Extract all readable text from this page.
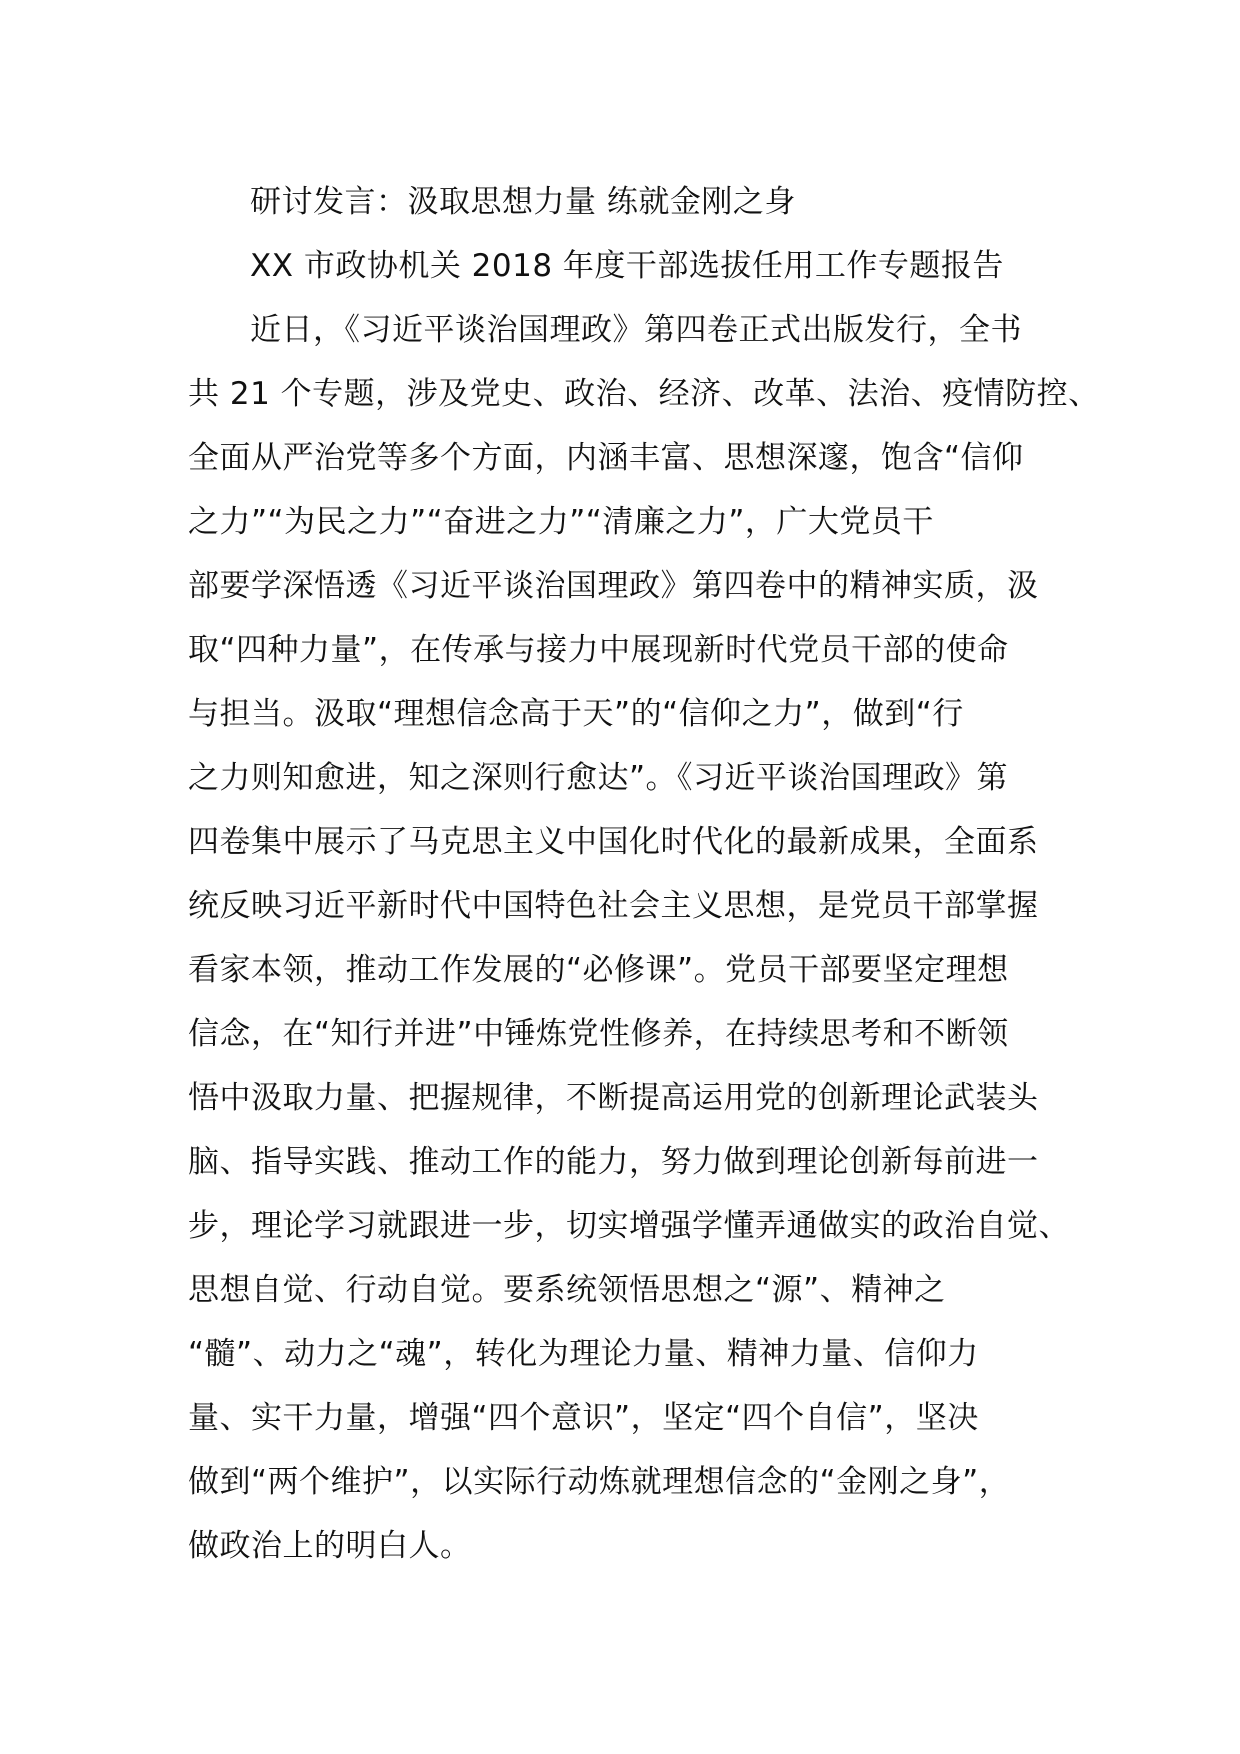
研讨发言：汲取思想力量 练就金刚之身
XX 市政协机关 2018 年度干部选拔任用工作专题报告
近日，《习近平谈治国理政》第四卷正式出版发行，全书
共 21 个专题，涉及党史、政治、经济、改革、法治、疫情防控、
全面从严治党等多个方面，内涵丰富、思想深邃，饱含“信仰
之力”“为民之力”“奋进之力”“清廉之力”，广大党员干
部要学深悟透《习近平谈治国理政》第四卷中的精神实质，汲
取“四种力量”，在传承与接力中展现新时代党员干部的使命
与担当。汲取“理想信念高于天”的“信仰之力”，做到“行
之力则知愈进，知之深则行愈达”。《习近平谈治国理政》第
四卷集中展示了马克思主义中国化时代化的最新成果，全面系
统反映习近平新时代中国特色社会主义思想，是党员干部掌握
看家本领，推动工作发展的“必修课”。党员干部要坚定理想
信念，在“知行并进”中锤炼党性修养，在持续思考和不断领
悟中汲取力量、把握规律，不断提高运用党的创新理论武装头
脑、指导实践、推动工作的能力，努力做到理论创新每前进一
步，理论学习就跟进一步，切实增强学懂弄通做实的政治自觉、
思想自觉、行动自觉。要系统领悟思想之“源”、精神之
“髓”、动力之“魂”，转化为理论力量、精神力量、信仰力
量、实干力量，增强“四个意识”，坚定“四个自信”，坚决
做到“两个维护”，以实际行动炼就理想信念的“金刚之身”，
做政治上的明白人。
